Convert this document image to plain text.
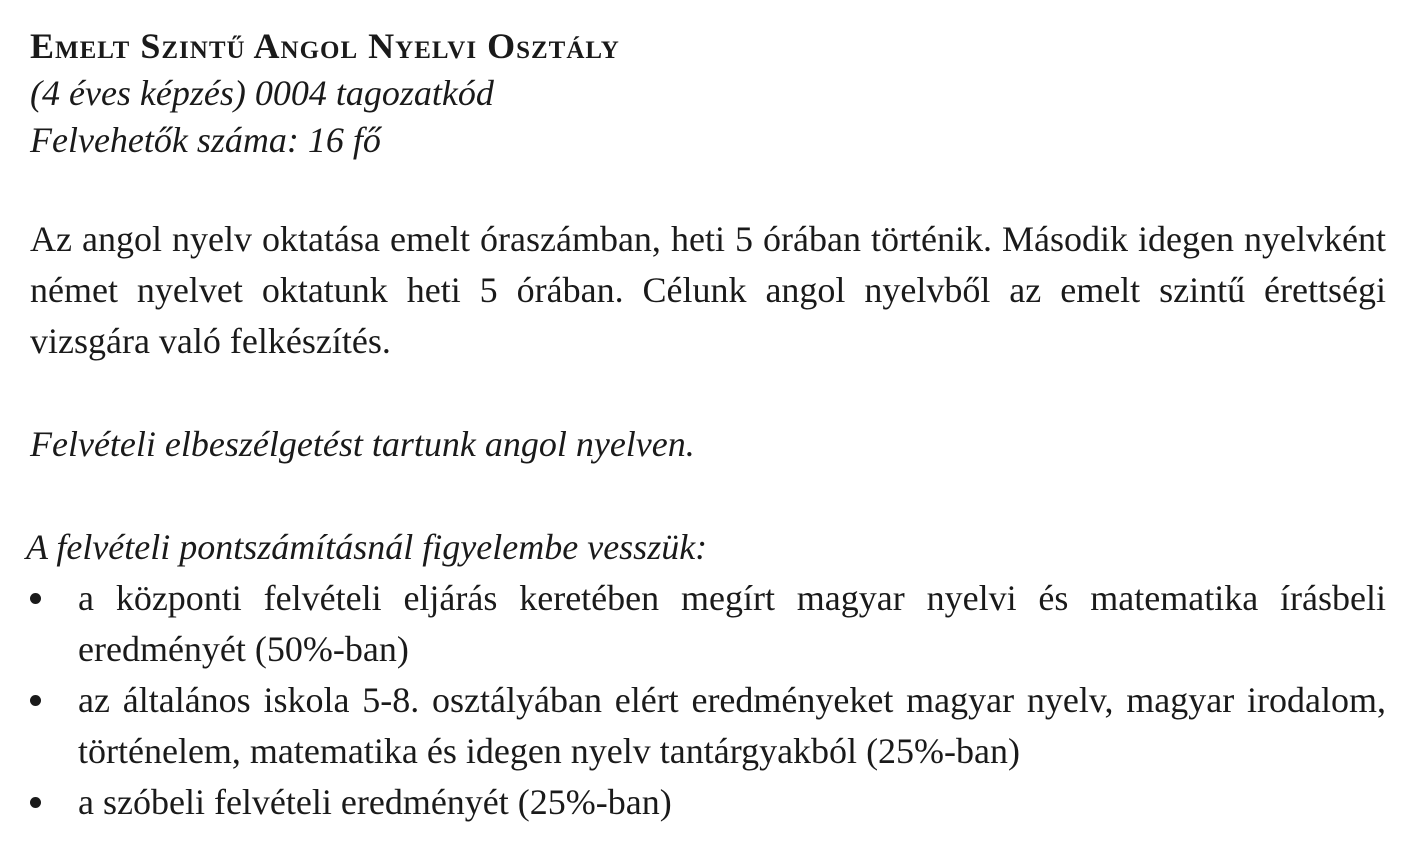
Emelt Szintű Angol Nyelvi Osztály

(4 éves képzés) 0004 tagozatkód

Felvehetők száma: 16 fő

Az angol nyelv oktatása emelt óraszámban, heti 5 órában történik. Második idegen nyelvként német nyelvet oktatunk heti 5 órában. Célunk angol nyelvből az emelt szintű érettségi vizsgára való felkészítés.

Felvételi elbeszélgetést tartunk angol nyelven.

A felvételi pontszámításnál figyelembe vesszük:

a központi felvételi eljárás keretében megírt magyar nyelvi és matematika írásbeli eredményét (50%-ban)
az általános iskola 5-8. osztályában elért eredményeket magyar nyelv, magyar irodalom, történelem, matematika és idegen nyelv tantárgyakból (25%-ban)
a szóbeli felvételi eredményét (25%-ban)
